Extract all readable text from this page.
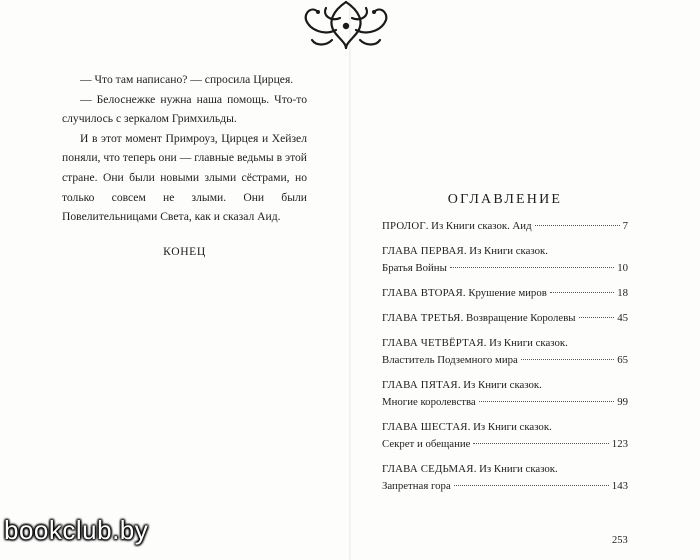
— Что там написано? — спросила Цирцея.

— Белоснежке нужна наша помощь. Что-то случилось с зеркалом Гримхильды.

И в этот момент Примроуз, Цирцея и Хейзел поняли, что теперь они — главные ведьмы в этой стране. Они были новыми злыми сёстрами, но только совсем не злыми. Они были Повелительницами Света, как и сказал Аид.

КОНЕЦ
ОГЛАВЛЕНИЕ
ПРОЛОГ. Из Книги сказок. Аид	7
ГЛАВА ПЕРВАЯ. Из Книги сказок.
Братья Войны	10
ГЛАВА ВТОРАЯ. Крушение миров	18
ГЛАВА ТРЕТЬЯ. Возвращение Королевы	45
ГЛАВА ЧЕТВЁРТАЯ. Из Книги сказок.
Властитель Подземного мира	65
ГЛАВА ПЯТАЯ. Из Книги сказок.
Многие королевства	99
ГЛАВА ШЕСТАЯ. Из Книги сказок.
Секрет и обещание	123
ГЛАВА СЕДЬМАЯ. Из Книги сказок.
Запретная гора	143
253
bookclub.by
